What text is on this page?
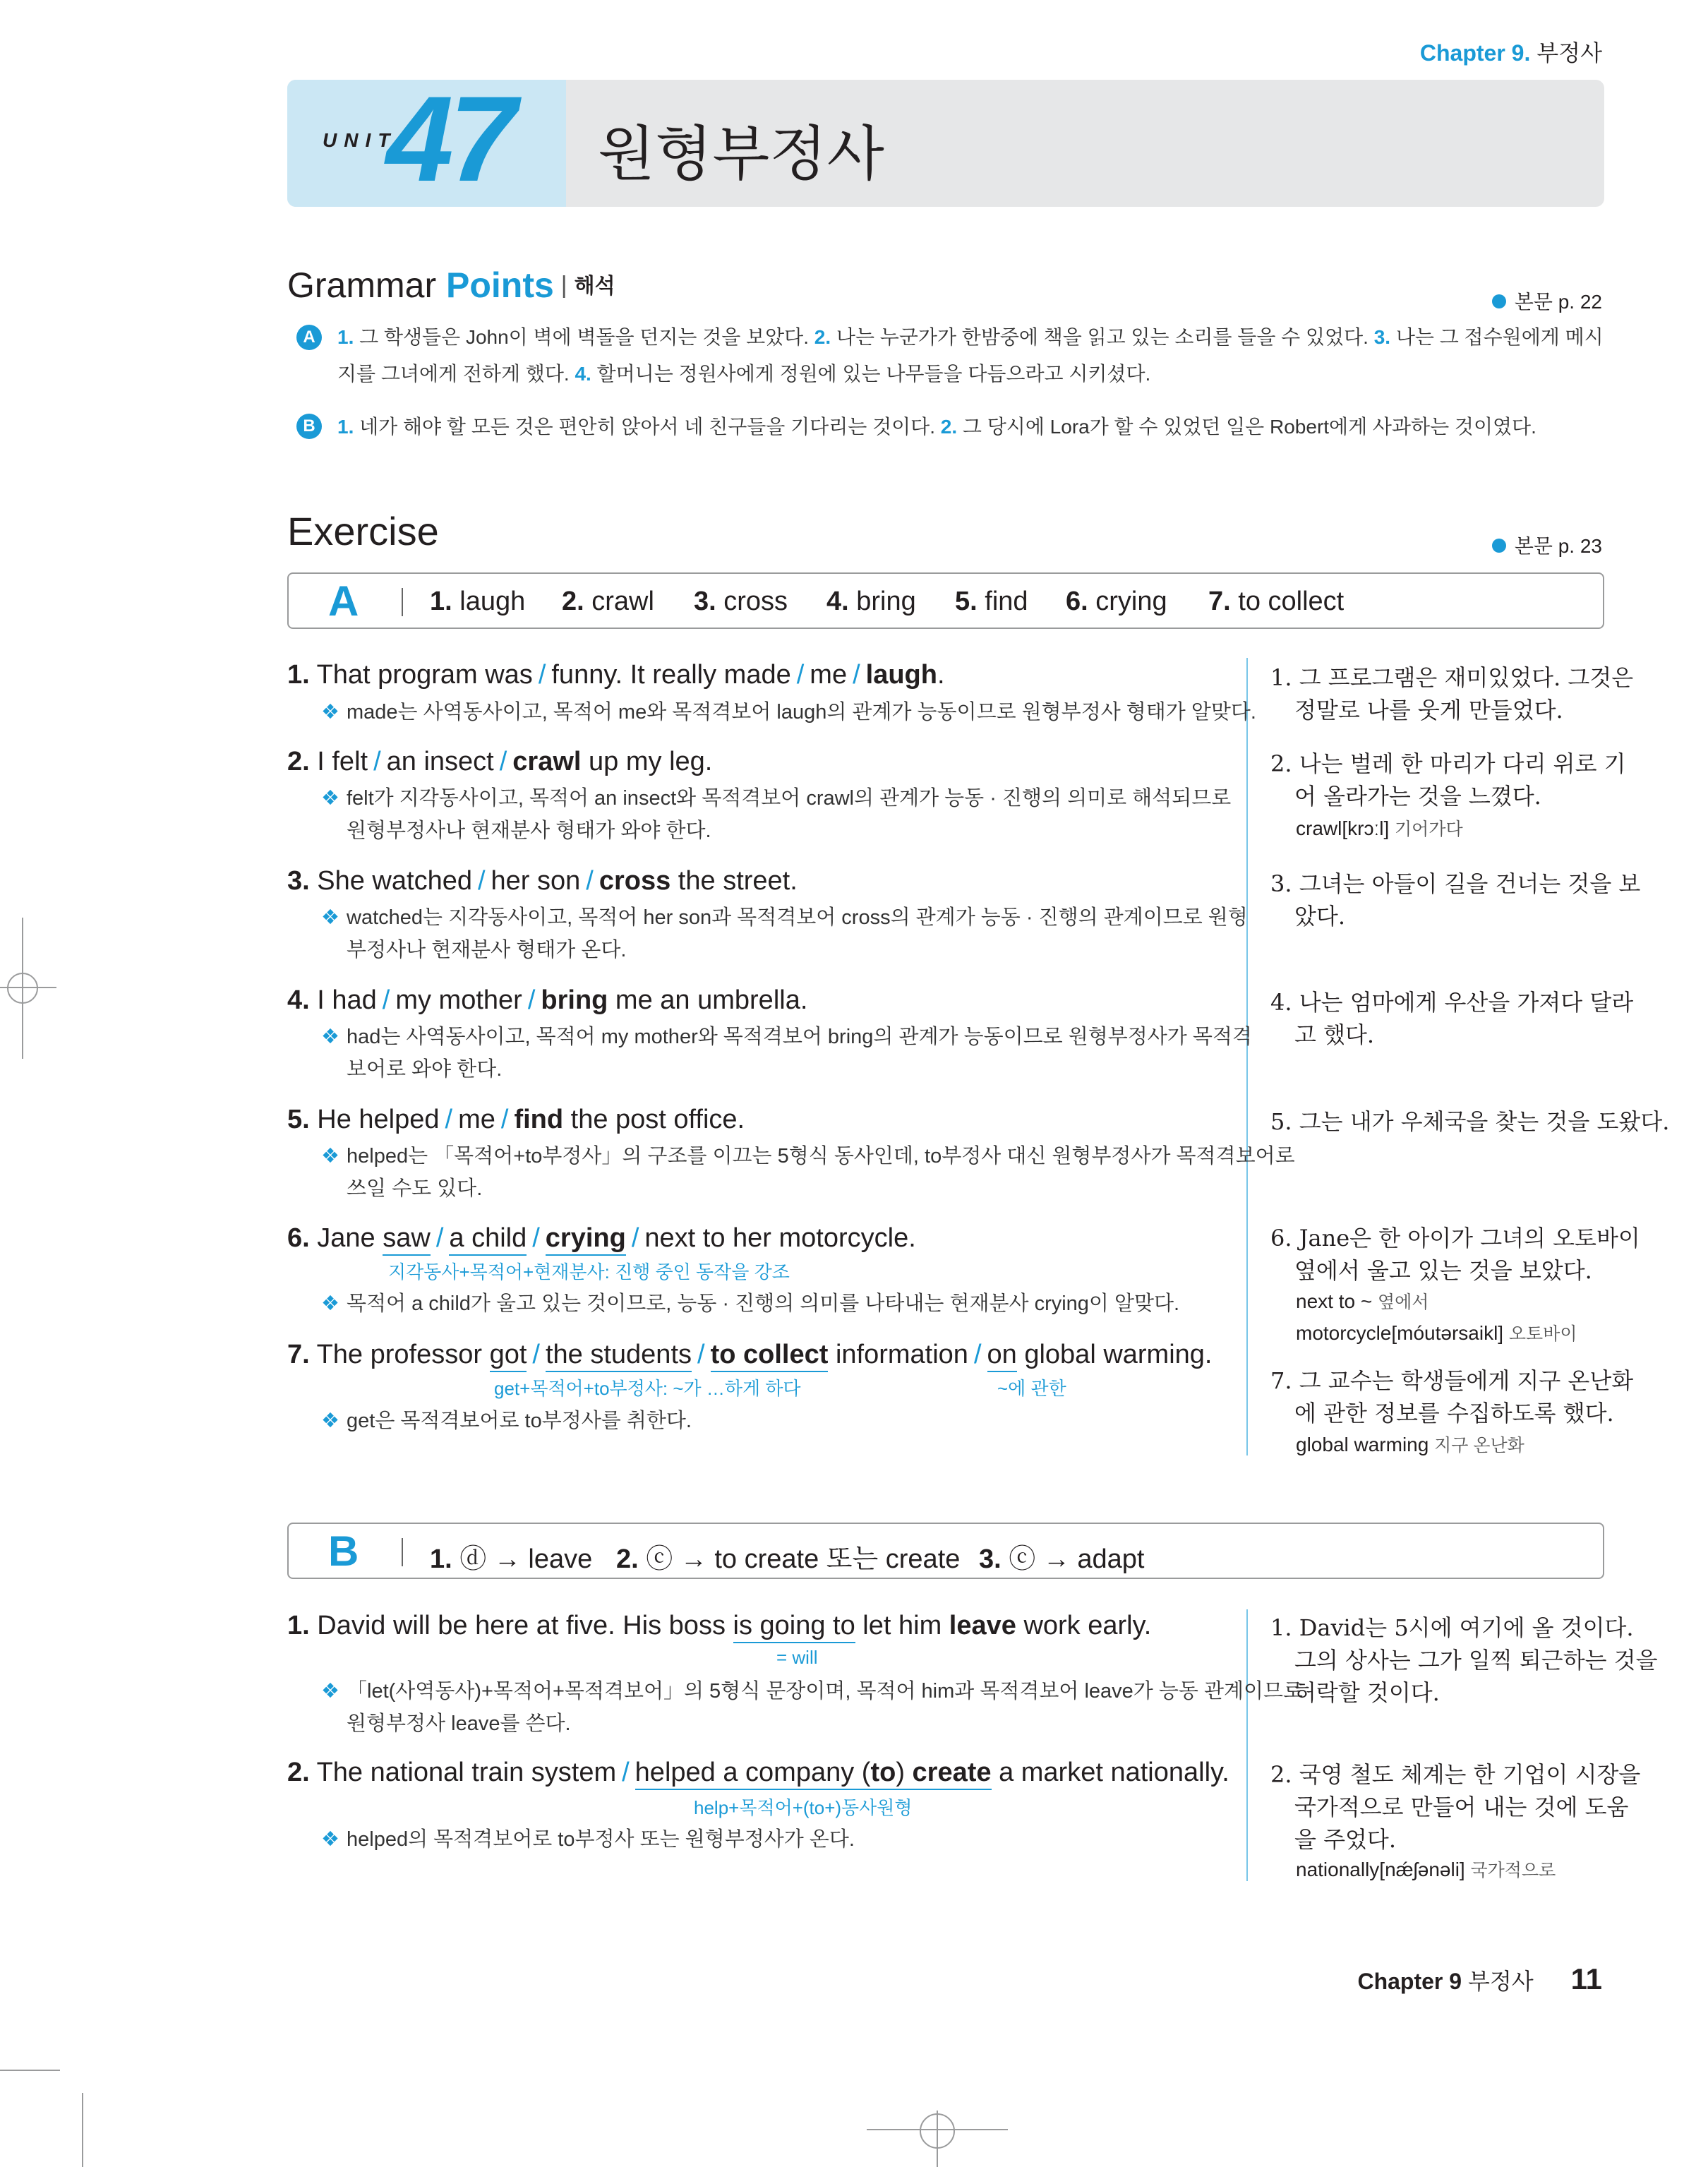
Chapter 9. 부정사
UNIT
47 원형부정사
Grammar Points | 해석
본문 p. 22
A	1. 그 학생들은 John이 벽에 벽돌을 던지는 것을 보았다. 2. 나는 누군가가 한밤중에 책을 읽고 있는 소리를 들을 수 있었다. 3. 나는 그 접수원에게 메시
지를 그녀에게 전하게 했다. 4. 할머니는 정원사에게 정원에 있는 나무들을 다듬으라고 시키셨다.
B	1. 네가 해야 할 모든 것은 편안히 앉아서 네 친구들을 기다리는 것이다. 2. 그 당시에 Lora가 할 수 있었던 일은 Robert에게 사과하는 것이였다.
Exercise	본문 p. 23
A	1. laugh 2. crawl 3. cross 4. bring 5. find 6. crying 7. to collect
1. That program was / funny. It really made / me / laugh.
❖ made는 사역동사이고, 목적어 me와 목적격보어 laugh의 관계가 능동이므로 원형부정사 형태가 알맞다.
1. 그 프로그램은 재미있었다. 그것은
정말로 나를 웃게 만들었다.
2. I felt / an insect / crawl up my leg.
❖ felt가 지각동사이고, 목적어 an insect와 목적격보어 crawl의 관계가 능동 · 진행의 의미로 해석되므로
원형부정사나 현재분사 형태가 와야 한다.
2. 나는 벌레 한 마리가 다리 위로 기
어 올라가는 것을 느꼈다.
crawl[krɔːl] 기어가다
3. She watched / her son / cross the street.
❖ watched는 지각동사이고, 목적어 her son과 목적격보어 cross의 관계가 능동 · 진행의 관계이므로 원형
부정사나 현재분사 형태가 온다.
3. 그녀는 아들이 길을 건너는 것을 보
았다.
4. I had / my mother / bring me an umbrella.
❖ had는 사역동사이고, 목적어 my mother와 목적격보어 bring의 관계가 능동이므로 원형부정사가 목적격
보어로 와야 한다.
4. 나는 엄마에게 우산을 가져다 달라
고 했다.
5. He helped / me / find the post office.
❖ helped는 「목적어+to부정사」의 구조를 이끄는 5형식 동사인데, to부정사 대신 원형부정사가 목적격보어로
쓰일 수도 있다.
5. 그는 내가 우체국을 찾는 것을 도왔다.
6. Jane saw / a child / crying / next to her motorcycle.
지각동사+목적어+현재분사: 진행 중인 동작을 강조
❖ 목적어 a child가 울고 있는 것이므로, 능동 · 진행의 의미를 나타내는 현재분사 crying이 알맞다.
6. Jane은 한 아이가 그녀의 오토바이
옆에서 울고 있는 것을 보았다.
next to ~ 옆에서
motorcycle[móutərsaikl] 오토바이
7. The professor got / the students / to collect information / on global warming.
get+목적어+to부정사: ~가 …하게 하다	~에 관한
❖ get은 목적격보어로 to부정사를 취한다.
7. 그 교수는 학생들에게 지구 온난화
에 관한 정보를 수집하도록 했다.
global warming 지구 온난화
B	1. ⓓ → leave 2. ⓒ → to create 또는 create 3. ⓒ → adapt
1. David will be here at five. His boss is going to let him leave work early.
= will
❖ 「let(사역동사)+목적어+목적격보어」의 5형식 문장이며, 목적어 him과 목적격보어 leave가 능동 관계이므로
원형부정사 leave를 쓴다.
1. David는 5시에 여기에 올 것이다.
그의 상사는 그가 일찍 퇴근하는 것을
허락할 것이다.
2. The national train system / helped a company (to) create a market nationally.
help+목적어+(to+)동사원형
❖ helped의 목적격보어로 to부정사 또는 원형부정사가 온다.
2. 국영 철도 체계는 한 기업이 시장을
국가적으로 만들어 내는 것에 도움
을 주었다.
nationally[nǽʃənəli] 국가적으로
Chapter 9 부정사 11
